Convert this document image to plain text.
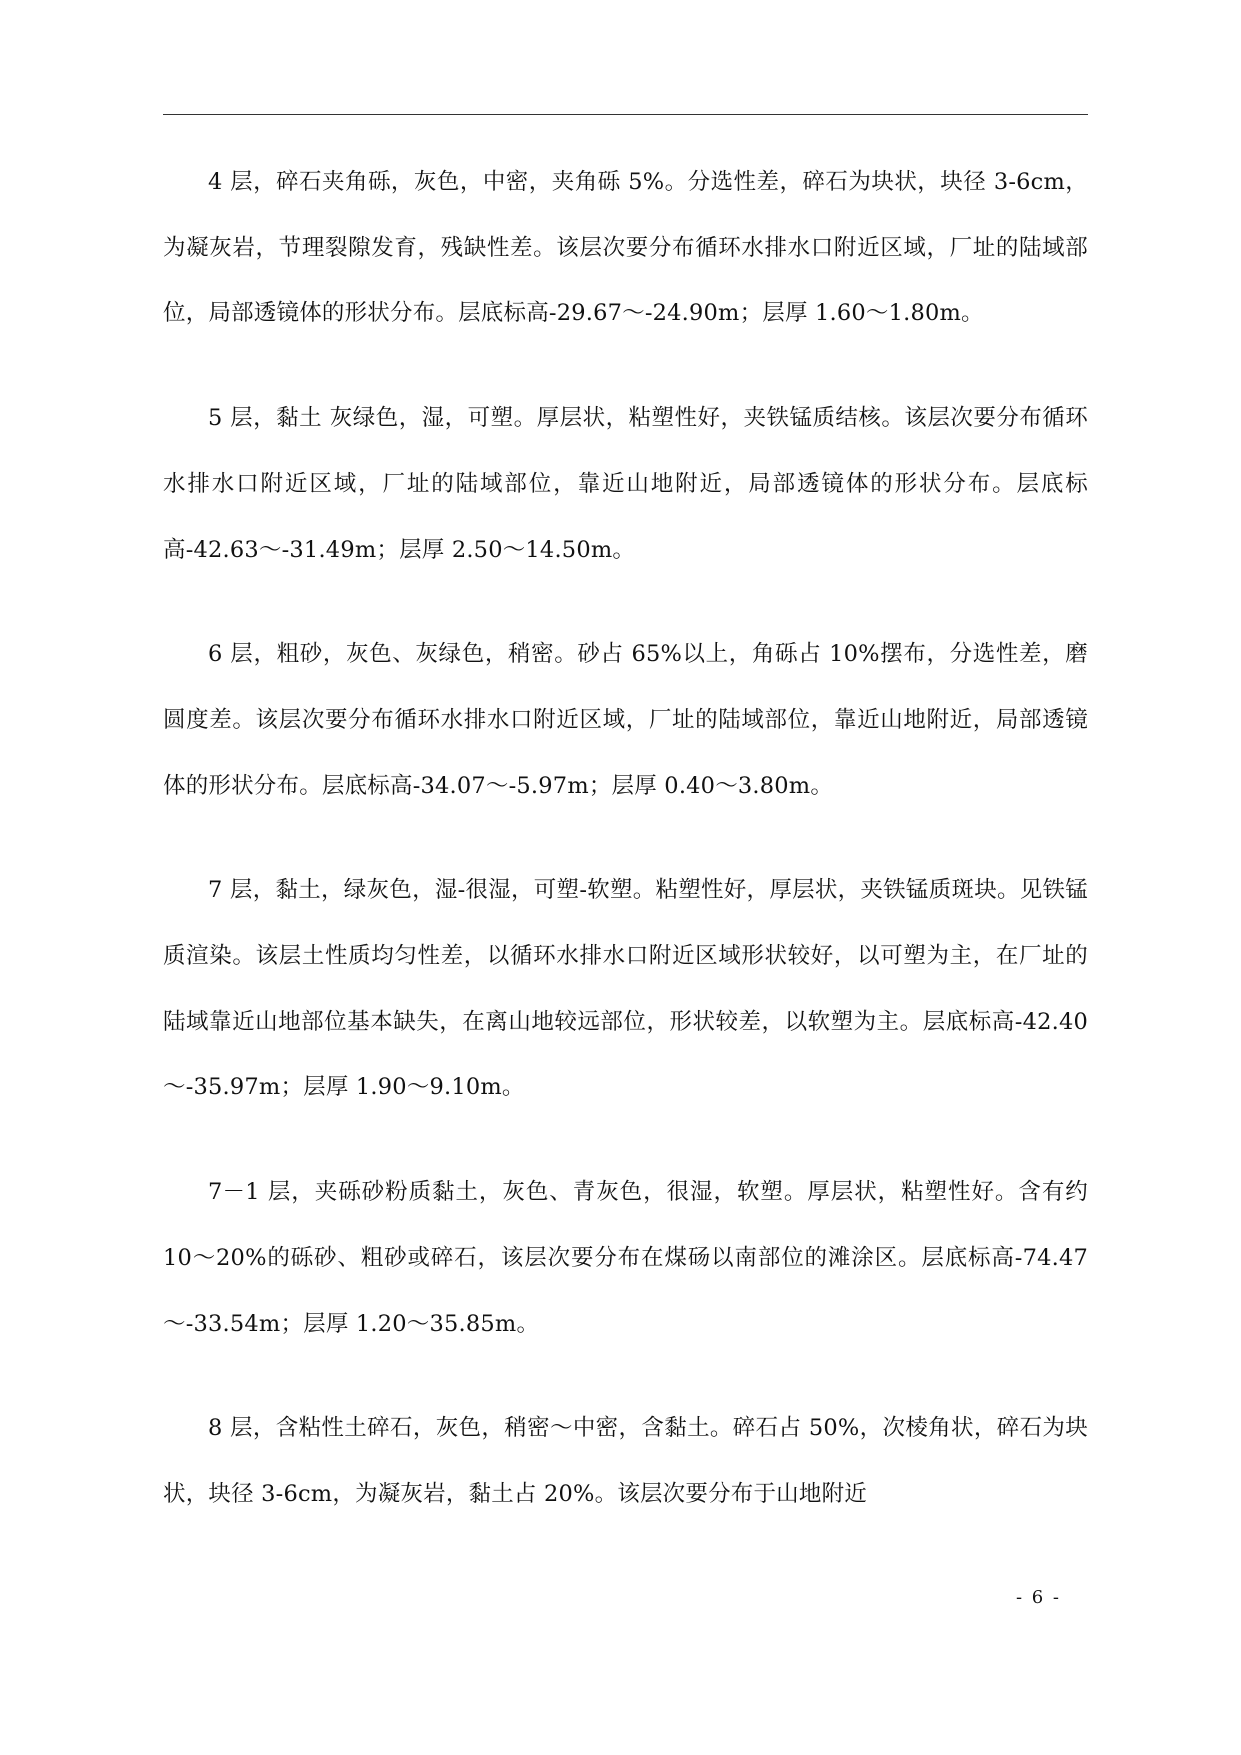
4 层，碎石夹角砾，灰色，中密，夹角砾 5%。分选性差，碎石为块状，块径 3-6cm，为凝灰岩，节理裂隙发育，残缺性差。该层次要分布循环水排水口附近区域，厂址的陆域部位，局部透镜体的形状分布。层底标高-29.67～-24.90m；层厚 1.60～1.80m。

5 层，黏土 灰绿色，湿，可塑。厚层状，粘塑性好，夹铁锰质结核。该层次要分布循环水排水口附近区域，厂址的陆域部位，靠近山地附近，局部透镜体的形状分布。层底标高-42.63～-31.49m；层厚 2.50～14.50m。

6 层，粗砂，灰色、灰绿色，稍密。砂占 65%以上，角砾占 10%摆布，分选性差，磨圆度差。该层次要分布循环水排水口附近区域，厂址的陆域部位，靠近山地附近，局部透镜体的形状分布。层底标高-34.07～-5.97m；层厚 0.40～3.80m。

7 层，黏土，绿灰色，湿-很湿，可塑-软塑。粘塑性好，厚层状，夹铁锰质斑块。见铁锰质渲染。该层土性质均匀性差，以循环水排水口附近区域形状较好，以可塑为主，在厂址的陆域靠近山地部位基本缺失，在离山地较远部位，形状较差，以软塑为主。层底标高-42.40～-35.97m；层厚 1.90～9.10m。

7－1 层，夹砾砂粉质黏土，灰色、青灰色，很湿，软塑。厚层状，粘塑性好。含有约 10～20%的砾砂、粗砂或碎石，该层次要分布在煤砀以南部位的滩涂区。层底标高-74.47～-33.54m；层厚 1.20～35.85m。

8 层，含粘性土碎石，灰色，稍密～中密，含黏土。碎石占 50%，次棱角状，碎石为块状，块径 3-6cm，为凝灰岩，黏土占 20%。该层次要分布于山地附近

- 6 -
